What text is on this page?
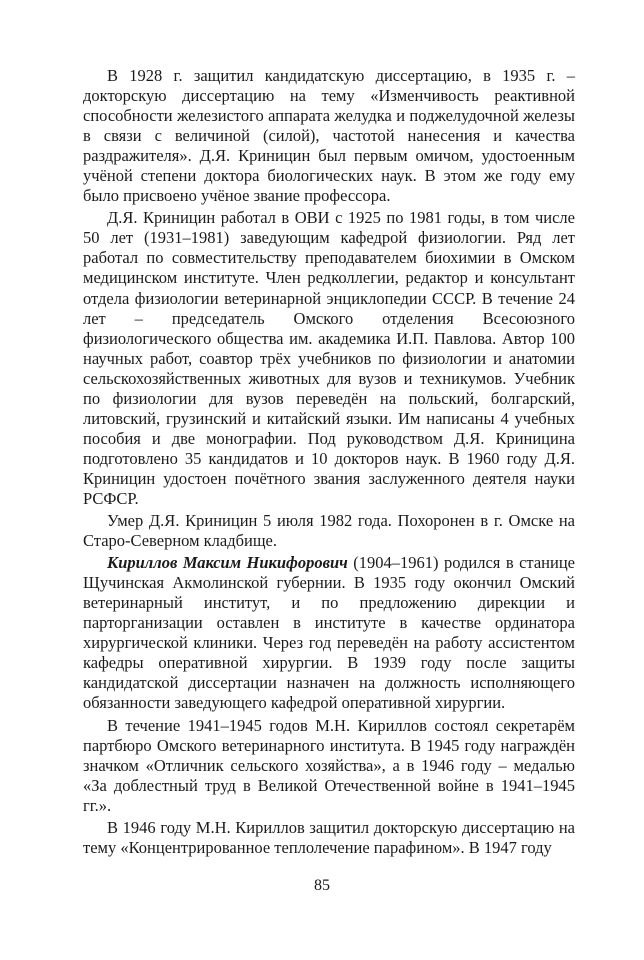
В 1928 г. защитил кандидатскую диссертацию, в 1935 г. – докторскую диссертацию на тему «Изменчивость реактивной способности железистого аппарата желудка и поджелудочной железы в связи с величиной (силой), частотой нанесения и качества раздражителя». Д.Я. Криницин был первым омичом, удостоенным учёной степени доктора биологических наук. В этом же году ему было присвоено учёное звание профессора.

Д.Я. Криницин работал в ОВИ с 1925 по 1981 годы, в том числе 50 лет (1931–1981) заведующим кафедрой физиологии. Ряд лет работал по совместительству преподавателем биохимии в Омском медицинском институте. Член редколлегии, редактор и консультант отдела физиологии ветеринарной энциклопедии СССР. В течение 24 лет – председатель Омского отделения Всесоюзного физиологического общества им. академика И.П. Павлова. Автор 100 научных работ, соавтор трёх учебников по физиологии и анатомии сельскохозяйственных животных для вузов и техникумов. Учебник по физиологии для вузов переведён на польский, болгарский, литовский, грузинский и китайский языки. Им написаны 4 учебных пособия и две монографии. Под руководством Д.Я. Криницина подготовлено 35 кандидатов и 10 докторов наук. В 1960 году Д.Я. Криницин удостоен почётного звания заслуженного деятеля науки РСФСР.

Умер Д.Я. Криницин 5 июля 1982 года. Похоронен в г. Омске на Старо-Северном кладбище.

Кириллов Максим Никифорович (1904–1961) родился в станице Щучинская Акмолинской губернии. В 1935 году окончил Омский ветеринарный институт, и по предложению дирекции и парторганизации оставлен в институте в качестве ординатора хирургической клиники. Через год переведён на работу ассистентом кафедры оперативной хирургии. В 1939 году после защиты кандидатской диссертации назначен на должность исполняющего обязанности заведующего кафедрой оперативной хирургии.

В течение 1941–1945 годов М.Н. Кириллов состоял секретарём партбюро Омского ветеринарного института. В 1945 году награждён значком «Отличник сельского хозяйства», а в 1946 году – медалью «За доблестный труд в Великой Отечественной войне в 1941–1945 гг.».

В 1946 году М.Н. Кириллов защитил докторскую диссертацию на тему «Концентрированное теплолечение парафином». В 1947 году

85
